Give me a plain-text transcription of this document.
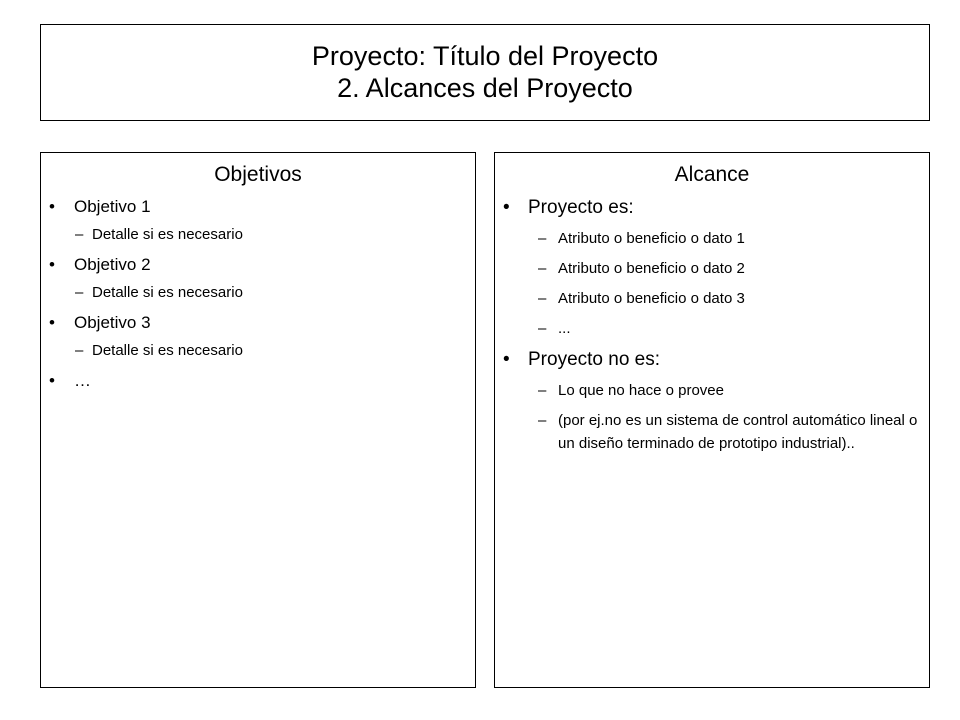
Proyecto: Título del Proyecto
2. Alcances del Proyecto
Objetivos
•	Objetivo 1
– Detalle si es necesario
•	Objetivo 2
– Detalle si es necesario
•	Objetivo 3
– Detalle si es necesario
•	…
Alcance
• Proyecto es:
– Atributo o beneficio o dato 1
– Atributo o beneficio o dato 2
– Atributo o beneficio o dato 3
– ...
• Proyecto no es:
– Lo que no hace o provee
– (por ej.no es un sistema de control automático lineal o un diseño terminado de prototipo industrial)..
